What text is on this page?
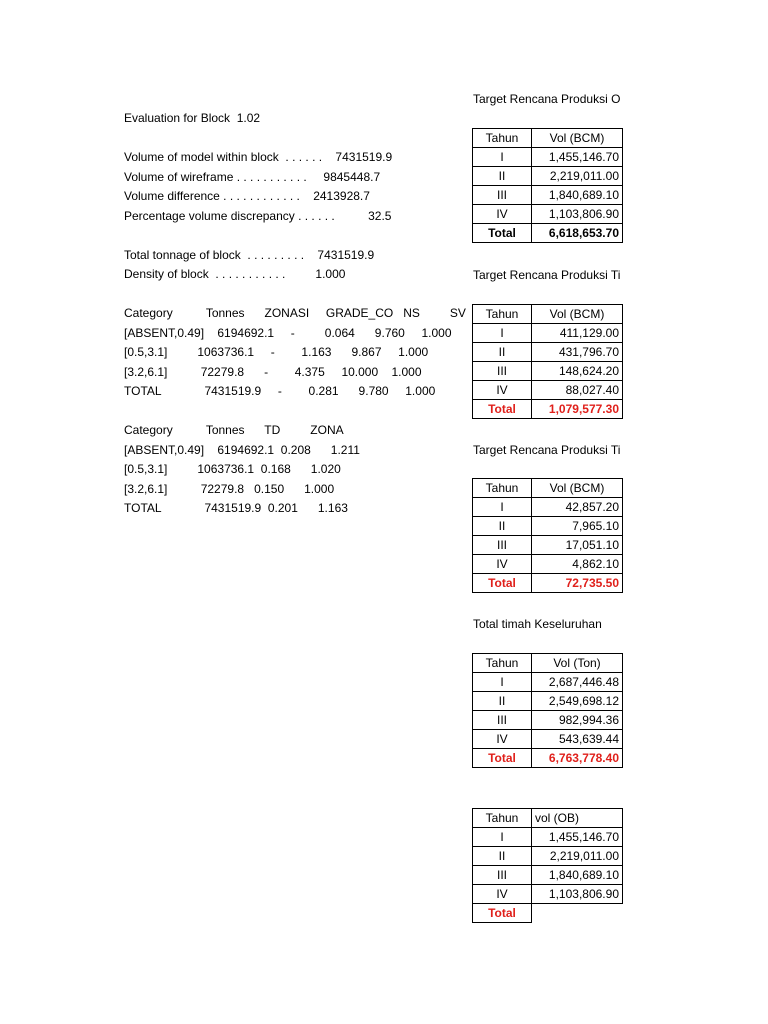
Evaluation for Block  1.02
Volume of model within block  . . . . . .    7431519.9
Volume of wireframe . . . . . . . . . . .     9845448.7
Volume difference . . . . . . . . . . . .    2413928.7
Percentage volume discrepancy . . . . . .          32.5
Total tonnage of block  . . . . . . . . .    7431519.9
Density of block  . . . . . . . . . . .         1.000
Category          Tonnes      ZONASI     GRADE_CO   NS         SV
[ABSENT,0.49]    6194692.1     -         0.064      9.760     1.000
[0.5,3.1]         1063736.1     -        1.163      9.867     1.000
[3.2,6.1]          72279.8      -        4.375     10.000    1.000
TOTAL             7431519.9     -        0.281      9.780     1.000
Category          Tonnes      TD         ZONA
[ABSENT,0.49]    6194692.1  0.208      1.211
[0.5,3.1]         1063736.1  0.168      1.020
[3.2,6.1]          72279.8   0.150      1.000
TOTAL             7431519.9  0.201      1.163
Target Rencana Produksi O
Tahun	Vol (BCM)
I	1,455,146.70
II	2,219,011.00
III	1,840,689.10
IV	1,103,806.90
Total	6,618,653.70
Target Rencana Produksi Ti
Tahun	Vol (BCM)
I	411,129.00
II	431,796.70
III	148,624.20
IV	88,027.40
Total	1,079,577.30
Target Rencana Produksi Ti
Tahun	Vol (BCM)
I	42,857.20
II	7,965.10
III	17,051.10
IV	4,862.10
Total	72,735.50
Total timah Keseluruhan
Tahun	Vol (Ton)
I	2,687,446.48
II	2,549,698.12
III	982,994.36
IV	543,639.44
Total	6,763,778.40
Tahun	vol (OB)
I	1,455,146.70
II	2,219,011.00
III	1,840,689.10
IV	1,103,806.90
Total	
